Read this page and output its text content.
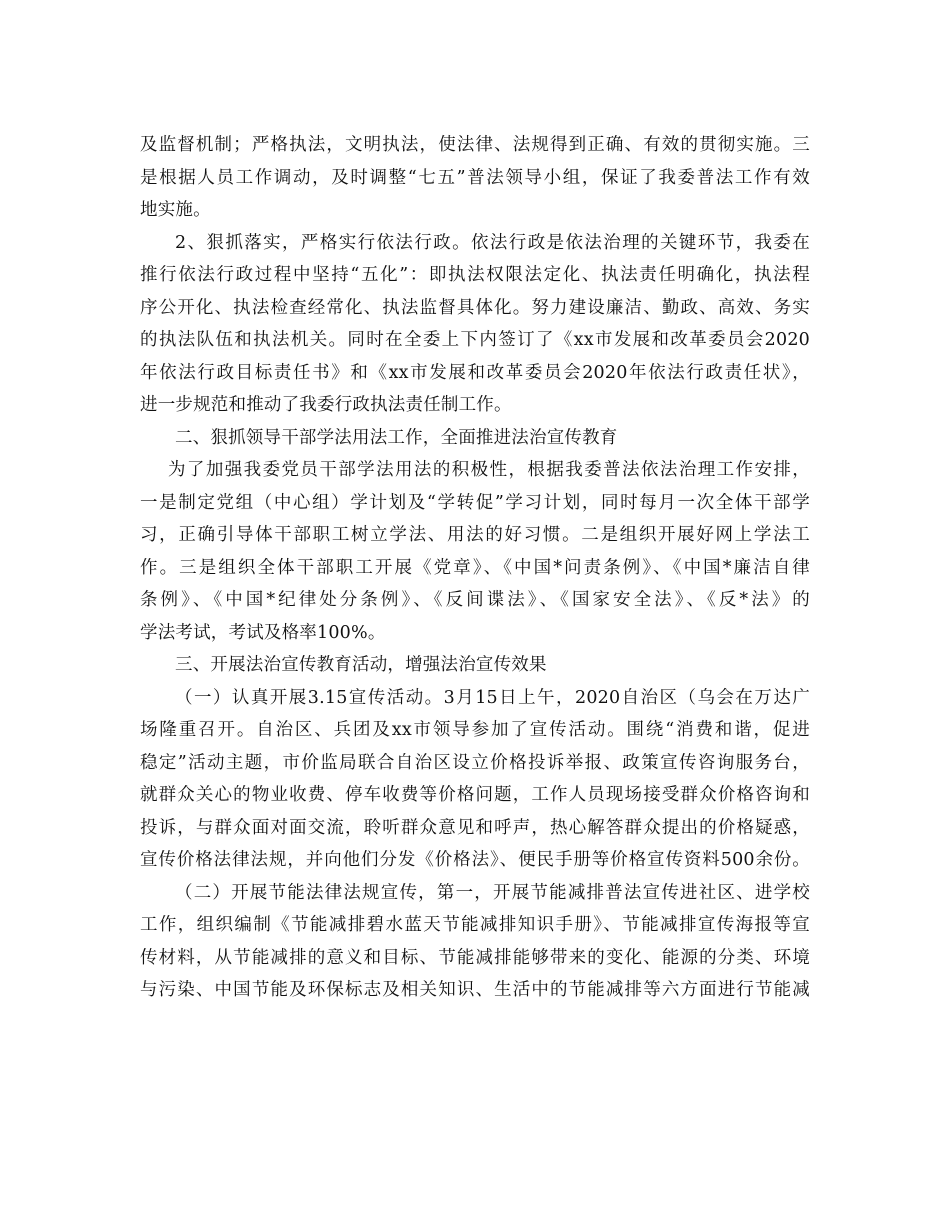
及监督机制；严格执法，文明执法，使法律、法规得到正确、有效的贯彻实施。三
是根据人员工作调动，及时调整“七五”普法领导小组，保证了我委普法工作有效
地实施。
2、狠抓落实，严格实行依法行政。依法行政是依法治理的关键环节，我委在
推行依法行政过程中坚持“五化”：即执法权限法定化、执法责任明确化，执法程
序公开化、执法检查经常化、执法监督具体化。努力建设廉洁、勤政、高效、务实
的执法队伍和执法机关。同时在全委上下内签订了《xx市发展和改革委员会2020
年依法行政目标责任书》和《xx市发展和改革委员会2020年依法行政责任状》，
进一步规范和推动了我委行政执法责任制工作。
二、狠抓领导干部学法用法工作，全面推进法治宣传教育
为了加强我委党员干部学法用法的积极性，根据我委普法依法治理工作安排，
一是制定党组（中心组）学计划及“学转促”学习计划，同时每月一次全体干部学
习，正确引导体干部职工树立学法、用法的好习惯。二是组织开展好网上学法工
作。三是组织全体干部职工开展《党章》、《中国*问责条例》、《中国*廉洁自律
条例》、《中国*纪律处分条例》、《反间谍法》、《国家安全法》、《反*法》的
学法考试，考试及格率100%。
三、开展法治宣传教育活动，增强法治宣传效果
（一）认真开展3.15宣传活动。3月15日上午，2020自治区（乌会在万达广
场隆重召开。自治区、兵团及xx市领导参加了宣传活动。围绕“消费和谐，促进
稳定”活动主题，市价监局联合自治区设立价格投诉举报、政策宣传咨询服务台，
就群众关心的物业收费、停车收费等价格问题，工作人员现场接受群众价格咨询和
投诉，与群众面对面交流，聆听群众意见和呼声，热心解答群众提出的价格疑惑，
宣传价格法律法规，并向他们分发《价格法》、便民手册等价格宣传资料500余份。
（二）开展节能法律法规宣传，第一，开展节能减排普法宣传进社区、进学校
工作，组织编制《节能减排碧水蓝天节能减排知识手册》、节能减排宣传海报等宣
传材料，从节能减排的意义和目标、节能减排能够带来的变化、能源的分类、环境
与污染、中国节能及环保标志及相关知识、生活中的节能减排等六方面进行节能减
